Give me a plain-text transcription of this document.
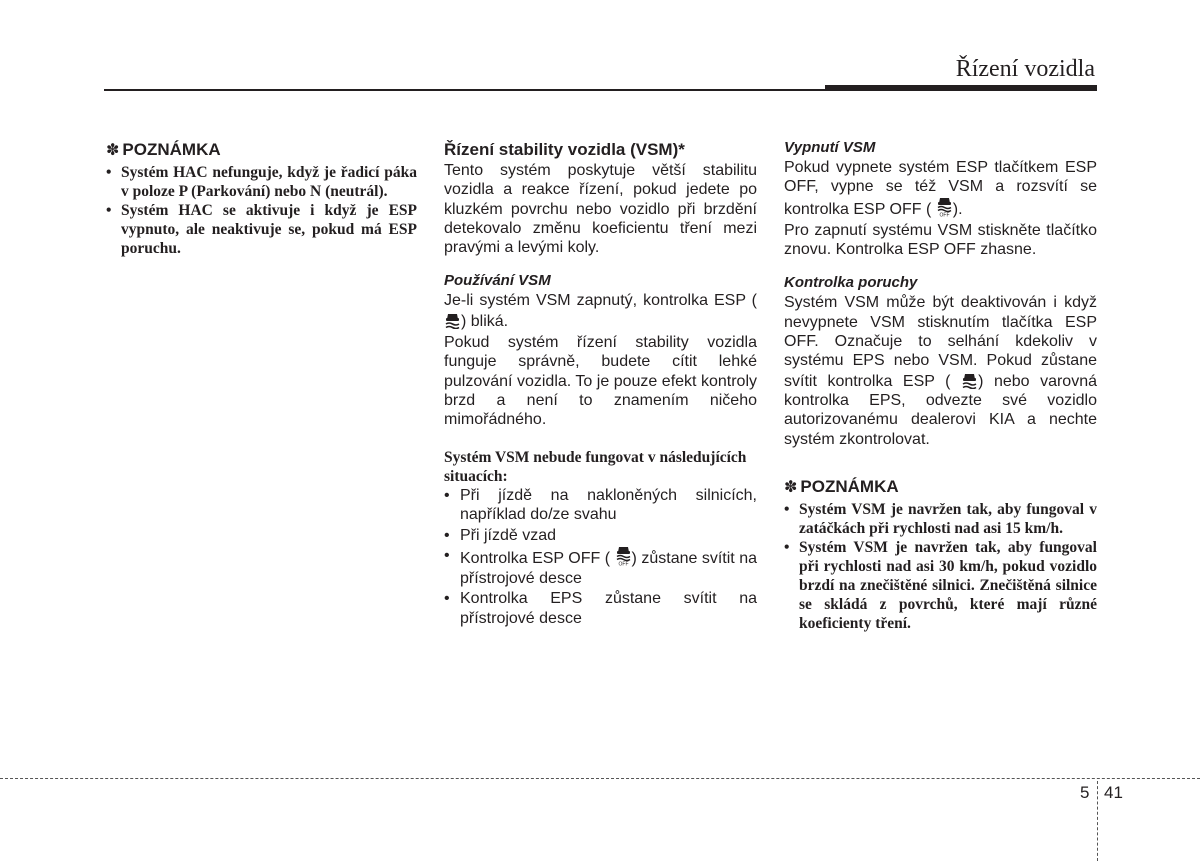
Řízení vozidla
✽ POZNÁMKA
• Systém HAC nefunguje, když je řadicí páka v poloze P (Parkování) nebo N (neutrál).
• Systém HAC se aktivuje i když je ESP vypnuto, ale neaktivuje se, pokud má ESP poruchu.
Řízení stability vozidla (VSM)*

Tento systém poskytuje větší stabilitu vozidla a reakce řízení, pokud jedete po kluzkém povrchu nebo vozidlo při brzdění detekovalo změnu koeficientu tření mezi pravými a levými koly.

Používání VSM

Je-li systém VSM zapnutý, kontrolka ESP ( ) bliká.

Pokud systém řízení stability vozidla funguje správně, budete cítit lehké pulzování vozidla. To je pouze efekt kontroly brzd a není to znamením ničeho mimořádného.

Systém VSM nebude fungovat v následujících situacích:

• Při jízdě na nakloněných silnicích, například do/ze svahu
• Při jízdě vzad
• Kontrolka ESP OFF ( OFF ) zůstane svítit na přístrojové desce
• Kontrolka EPS zůstane svítit na přístrojové desce
Vypnutí VSM

Pokud vypnete systém ESP tlačítkem ESP OFF, vypne se též VSM a rozsvítí se kontrolka ESP OFF ( OFF ).

Pro zapnutí systému VSM stiskněte tlačítko znovu. Kontrolka ESP OFF zhasne.

Kontrolka poruchy

Systém VSM může být deaktivován i když nevypnete VSM stisknutím tlačítka ESP OFF. Označuje to selhání kdekoliv v systému EPS nebo VSM. Pokud zůstane svítit kontrolka ESP ( ) nebo varovná kontrolka EPS, odvezte své vozidlo autorizovanému dealerovi KIA a nechte systém zkontrolovat.

✽ POZNÁMKA
• Systém VSM je navržen tak, aby fungoval v zatáčkách při rychlosti nad asi 15 km/h.
• Systém VSM je navržen tak, aby fungoval při rychlosti nad asi 30 km/h, pokud vozidlo brzdí na znečištěné silnici. Znečištěná silnice se skládá z povrchů, které mají různé koeficienty tření.
5 41
